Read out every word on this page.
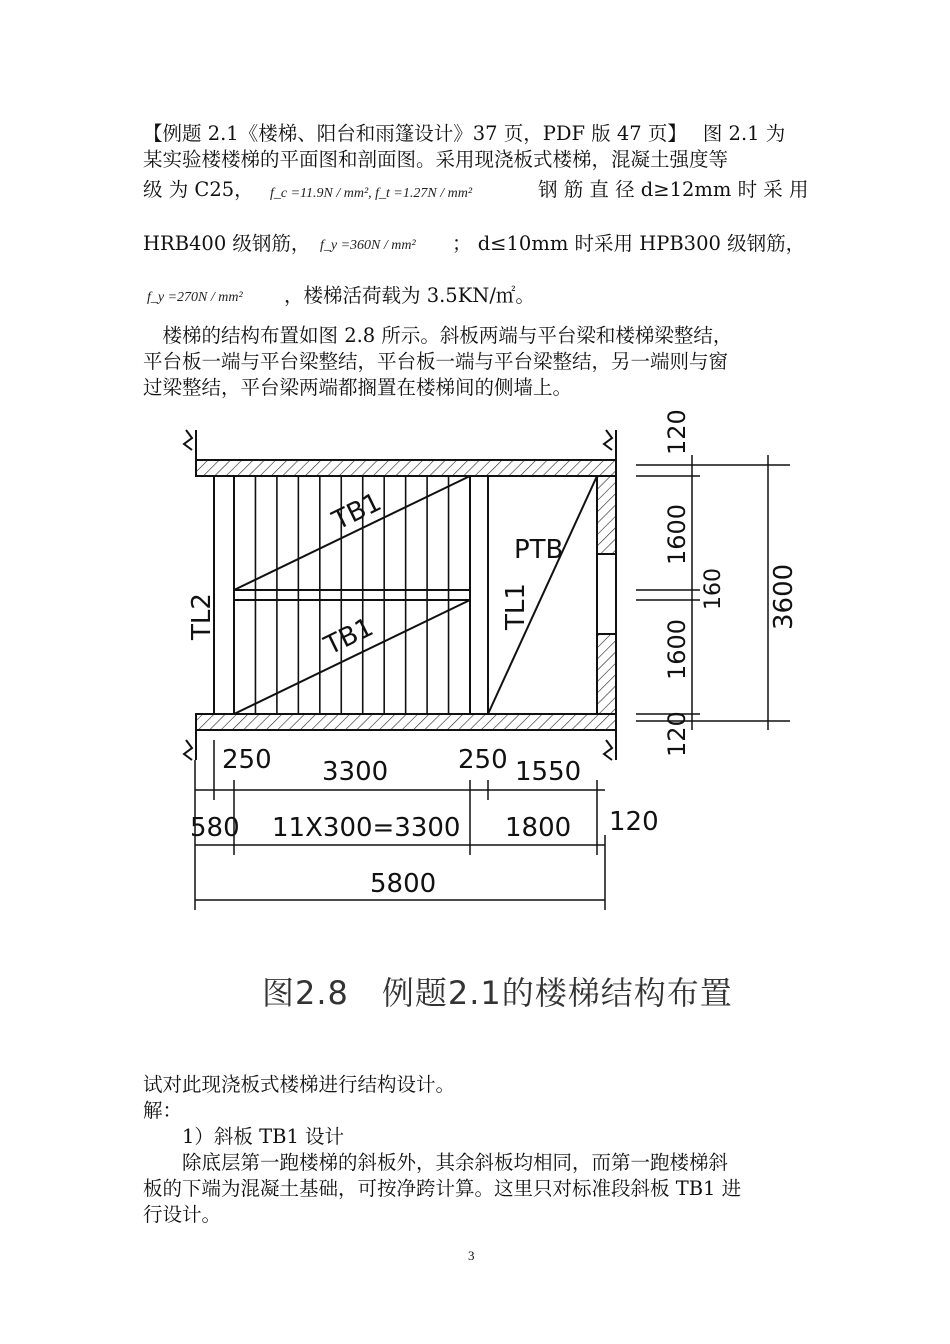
【例题 2.1《楼梯、阳台和雨篷设计》37 页，PDF 版 47 页】　 图 2.1 为
某实验楼楼梯的平面图和剖面图。采用现浇板式楼梯，混凝土强度等
级 为 C25，	f_c =11.9N / mm², f_t =1.27N / mm²	钢 筋 直 径 d≥12mm 时 采 用
HRB400 级钢筋， f_y =360N / mm² ； d≤10mm 时采用 HPB300 级钢筋，
f_y =270N / mm² ，楼梯活荷载为 3.5KN/㎡。
　楼梯的结构布置如图 2.8 所示。斜板两端与平台梁和楼梯梁整结，
平台板一端与平台梁整结，平台板一端与平台梁整结，另一端则与窗
过梁整结，平台梁两端都搁置在楼梯间的侧墙上。
TB1
TB1
PTB
TL1
TL2
120
1600
160
1600
120
3600
250 3300	250 1550
580 11X300=3300 1800 120
5800
图2.8　例题2.1的楼梯结构布置
试对此现浇板式楼梯进行结构设计。
解：
　　1）斜板 TB1 设计
　　除底层第一跑楼梯的斜板外，其余斜板均相同，而第一跑楼梯斜
板的下端为混凝土基础，可按净跨计算。这里只对标准段斜板 TB1 进
行设计。
3
